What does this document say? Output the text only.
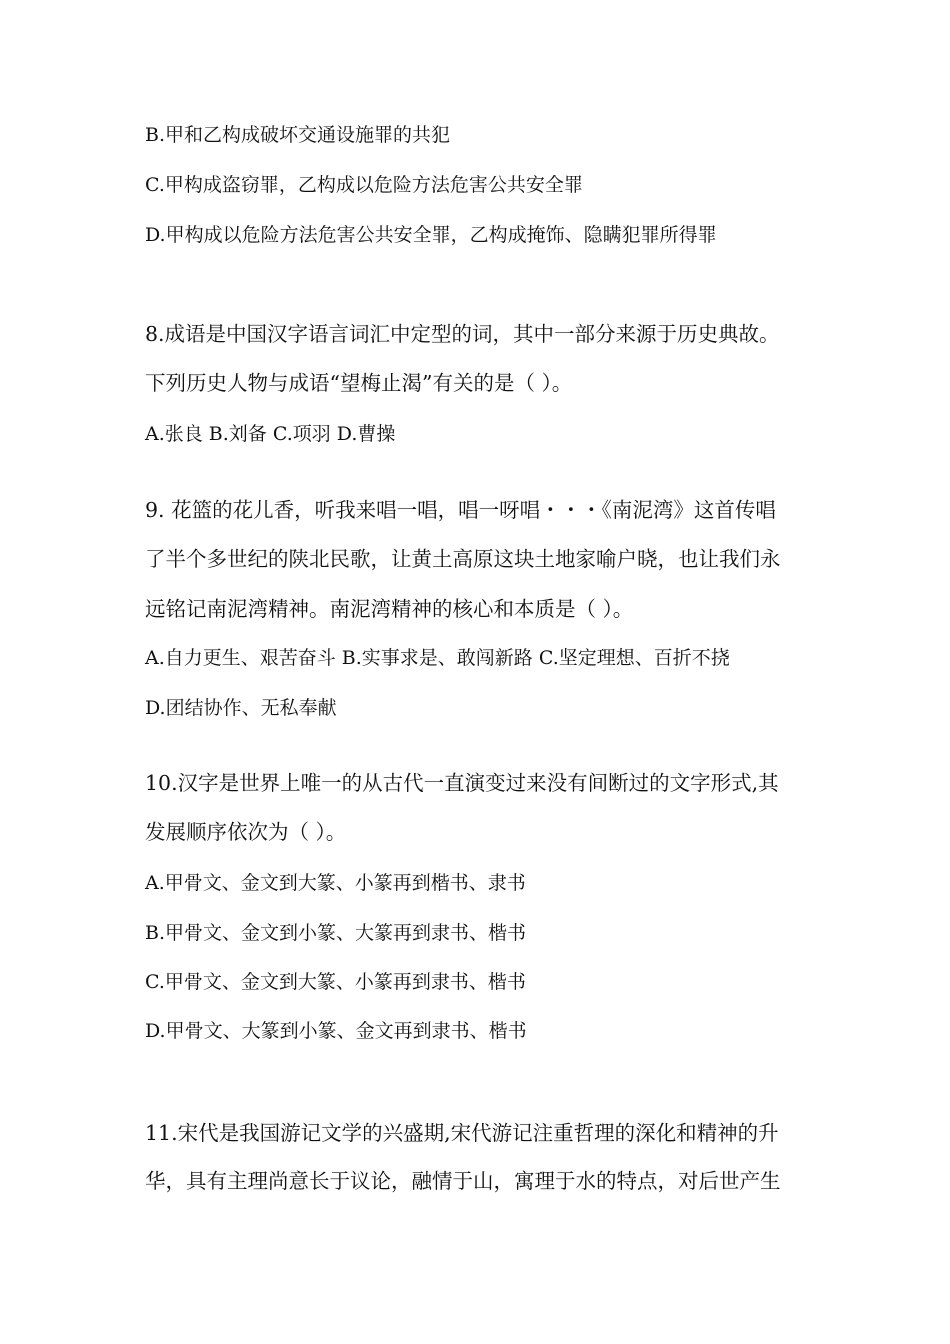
B.甲和乙构成破坏交通设施罪的共犯
C.甲构成盗窃罪，乙构成以危险方法危害公共安全罪
D.甲构成以危险方法危害公共安全罪，乙构成掩饰、隐瞒犯罪所得罪
8.成语是中国汉字语言词汇中定型的词，其中一部分来源于历史典故。
下列历史人物与成语“望梅止渴”有关的是（ ）。
A.张良 B.刘备 C.项羽 D.曹操
9. 花篮的花儿香，听我来唱一唱，唱一呀唱・・・《南泥湾》这首传唱
了半个多世纪的陕北民歌，让黄土高原这块土地家喻户晓，也让我们永
远铭记南泥湾精神。南泥湾精神的核心和本质是（ ）。
A.自力更生、艰苦奋斗 B.实事求是、敢闯新路 C.坚定理想、百折不挠
D.团结协作、无私奉献
10.汉字是世界上唯一的从古代一直演变过来没有间断过的文字形式,其
发展顺序依次为（ ）。
A.甲骨文、金文到大篆、小篆再到楷书、隶书
B.甲骨文、金文到小篆、大篆再到隶书、楷书
C.甲骨文、金文到大篆、小篆再到隶书、楷书
D.甲骨文、大篆到小篆、金文再到隶书、楷书
11.宋代是我国游记文学的兴盛期,宋代游记注重哲理的深化和精神的升
华，具有主理尚意长于议论，融情于山，寓理于水的特点，对后世产生
